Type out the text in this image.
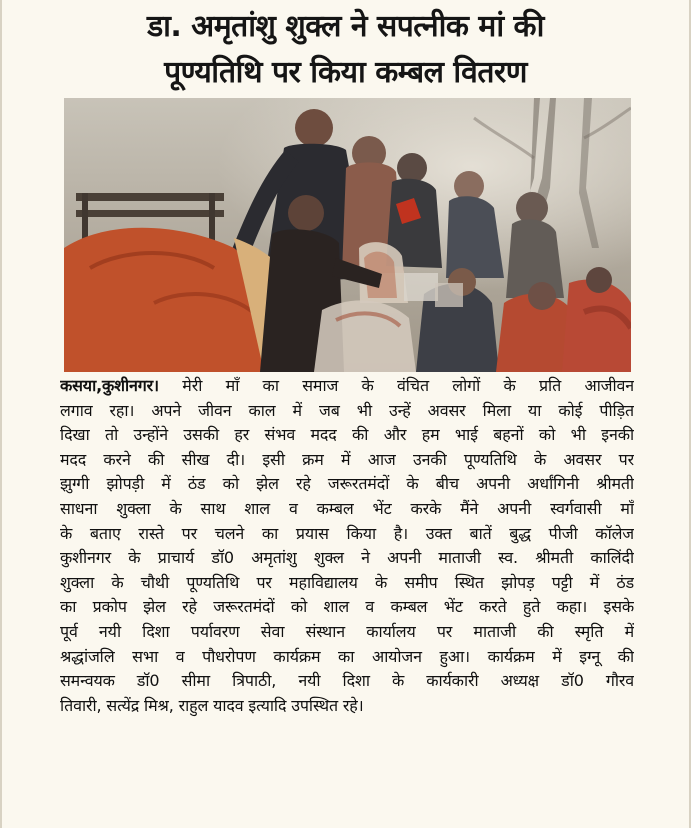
डा. अमृतांशु शुक्ल ने सपत्नीक मां की
पूण्यतिथि पर किया कम्बल वितरण
कसया,कुशीनगर। मेरी माँ का समाज के वंचित लोगों के प्रति आजीवन
लगाव रहा। अपने जीवन काल में जब भी उन्हें अवसर मिला या कोई पीड़ित
दिखा तो उन्होंने उसकी हर संभव मदद की और हम भाई बहनों को भी इनकी
मदद करने की सीख दी। इसी क्रम में आज उनकी पूण्यतिथि के अवसर पर
झुग्गी झोपड़ी में ठंड को झेल रहे जरूरतमंदों के बीच अपनी अर्धांगिनी श्रीमती
साधना शुक्ला के साथ शाल व कम्बल भेंट करके मैंने अपनी स्वर्गवासी माँ
के बताए रास्ते पर चलने का प्रयास किया है। उक्त बातें बुद्ध पीजी कॉलेज
कुशीनगर के प्राचार्य डॉ0 अमृतांशु शुक्ल ने अपनी माताजी स्व. श्रीमती कालिंदी
शुक्ला के चौथी पूण्यतिथि पर महाविद्यालय के समीप स्थित झोपड़ पट्टी में ठंड
का प्रकोप झेल रहे जरूरतमंदों को शाल व कम्बल भेंट करते हुते कहा। इसके
पूर्व नयी दिशा पर्यावरण सेवा संस्थान कार्यालय पर माताजी की स्मृति में
श्रद्धांजलि सभा व पौधरोपण कार्यक्रम का आयोजन हुआ। कार्यक्रम में इग्नू की
समन्वयक डॉ0 सीमा त्रिपाठी, नयी दिशा के कार्यकारी अध्यक्ष डॉ0 गौरव
तिवारी, सत्येंद्र मिश्र, राहुल यादव इत्यादि उपस्थित रहे।
